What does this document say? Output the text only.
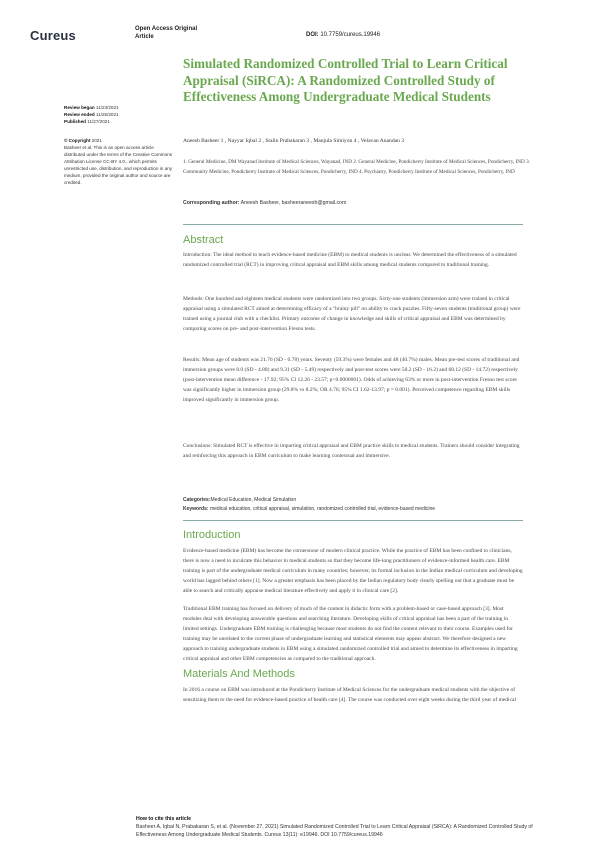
Cureus	Open Access Original
Article	DOI: 10.7759/cureus.19946
Review began 11/23/2021
Review ended 11/26/2021
Published 11/27/2021
© Copyright 2021
Basheer et al. This is an open access article distributed under the terms of the Creative Commons Attribution License CC-BY 4.0., which permits unrestricted use, distribution, and reproduction in any medium, provided the original author and source are credited.
Simulated Randomized Controlled Trial to Learn Critical Appraisal (SiRCA): A Randomized Controlled Study of Effectiveness Among Undergraduate Medical Students
Aneesh Basheer 1 , Nayyar Iqbal 2 , Stalin Prabakaran 3 , Manjula Simiyon 4 , Velavan Anandan 3
1. General Medicine, DM Wayanad Institute of Medical Sciences, Wayanad, IND 2. General Medicine, Pondicherry Institute of Medical Sciences, Pondicherry, IND 3. Community Medicine, Pondicherry Institute of Medical Sciences, Pondicherry, IND 4. Psychiatry, Pondicherry Institute of Medical Sciences, Pondicherry, IND
Corresponding author: Aneesh Basheer, basheeraneesh@gmail.com
Abstract
Introduction: The ideal method to teach evidence-based medicine (EBM) to medical students is unclear. We determined the effectiveness of a simulated randomized controlled trial (RCT) in improving critical appraisal and EBM skills among medical students compared to traditional training.
Methods: One hundred and eighteen medical students were randomized into two groups. Sixty-one students (immersion arm) were trained in critical appraisal using a simulated RCT aimed at determining efficacy of a "brainy pill" on ability to crack puzzles. Fifty-seven students (traditional group) were trained using a journal club with a checklist. Primary outcome of change in knowledge and skills of critical appraisal and EBM was determined by comparing scores on pre- and post-intervention Fresno tests.
Results: Mean age of students was 21.76 (SD - 0.78) years. Seventy (59.3%) were females and 48 (40.7%) males. Mean pre-test scores of traditional and immersion groups were 8.0 (SD - 4.88) and 9.31 (SD - 5.49) respectively and post-test scores were 50.2 (SD - 16.2) and 68.12 (SD - 14.72) respectively (post-intervention mean difference - 17.92; 95% CI 12.26 - 23.57; p<0.0000001). Odds of achieving 63% or more in post-intervention Fresno test score was significantly higher in immersion group (29.8% vs 8.2%; OR 4.76; 95% CI 1.62-13.97; p = 0.001). Perceived competence regarding EBM skills improved significantly in immersion group.
Conclusions: Simulated RCT is effective in imparting critical appraisal and EBM practice skills to medical students. Trainers should consider integrating and reinforcing this approach in EBM curriculum to make learning contextual and immersive.
Categories:Medical Education, Medical Simulation
Keywords: medical education, critical appraisal, simulation, randomized controlled trial, evidence-based medicine
Introduction
Evidence-based medicine (EBM) has become the cornerstone of modern clinical practice. While the practice of EBM has been confined to clinicians, there is now a need to inculcate this behavior in medical students so that they become life-long practitioners of evidence-informed health care. EBM training is part of the undergraduate medical curriculum in many countries; however, its formal inclusion in the Indian medical curriculum and developing world has lagged behind others [1]. Now a greater emphasis has been placed by the Indian regulatory body clearly spelling out that a graduate must be able to search and critically appraise medical literature effectively and apply it in clinical care [2].
Traditional EBM training has focused on delivery of much of the content in didactic form with a problem-based or case-based approach [3]. Most modules deal with developing answerable questions and searching literature. Developing skills of critical appraisal has been a part of the training in limited settings. Undergraduate EBM training is challenging because most students do not find the content relevant to their course. Examples used for training may be unrelated to the current phase of undergraduate learning and statistical elements may appear abstract. We therefore designed a new approach to training undergraduate students in EBM using a simulated randomized controlled trial and aimed to determine its effectiveness in imparting critical appraisal and other EBM competencies as compared to the traditional approach.
Materials And Methods
In 2016 a course on EBM was introduced at the Pondicherry Institute of Medical Sciences for the undergraduate medical students with the objective of sensitizing them to the need for evidence-based practice of health care [4]. The course was conducted over eight weeks during the third year of medical
How to cite this article
Basheer A, Iqbal N, Prabakaran S, et al. (November 27, 2021) Simulated Randomized Controlled Trial to Learn Critical Appraisal (SiRCA): A Randomized Controlled Study of Effectiveness Among Undergraduate Medical Students. Cureus 13(11): e19946. DOI 10.7759/cureus.19946
